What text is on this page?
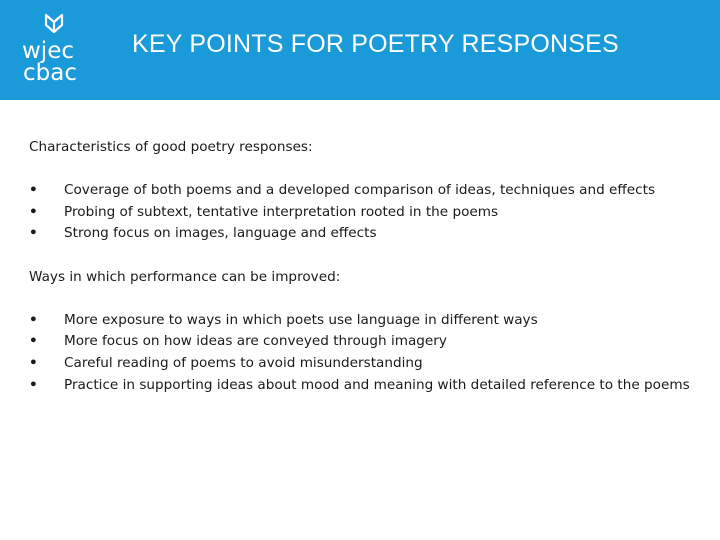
wjec
cbac
KEY POINTS FOR POETRY RESPONSES
Characteristics of good poetry responses:
•	Coverage of both poems and a developed comparison of ideas, techniques and effects
•	Probing of subtext, tentative interpretation rooted in the poems
•	Strong focus on images, language and effects
Ways in which performance can be improved:
•	More exposure to ways in which poets use language in different ways
•	More focus on how ideas are conveyed through imagery
•	Careful reading of poems to avoid misunderstanding
•	Practice in supporting ideas about mood and meaning with detailed reference to the poems
